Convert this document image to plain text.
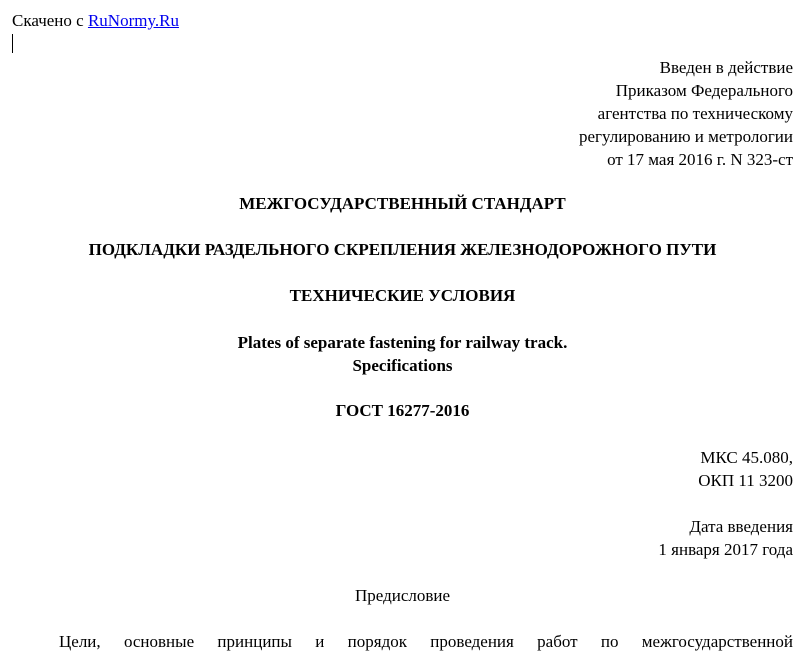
Скачено с RuNormy.Ru
Введен в действие
Приказом Федерального
агентства по техническому
регулированию и метрологии
от 17 мая 2016 г. N 323-ст
МЕЖГОСУДАРСТВЕННЫЙ СТАНДАРТ
ПОДКЛАДКИ РАЗДЕЛЬНОГО СКРЕПЛЕНИЯ ЖЕЛЕЗНОДОРОЖНОГО ПУТИ
ТЕХНИЧЕСКИЕ УСЛОВИЯ
Plates of separate fastening for railway track.
Specifications
ГОСТ 16277-2016
МКС 45.080,
ОКП 11 3200
Дата введения
1 января 2017 года
Предисловие
Цели, основные принципы и порядок проведения работ по межгосударственной
